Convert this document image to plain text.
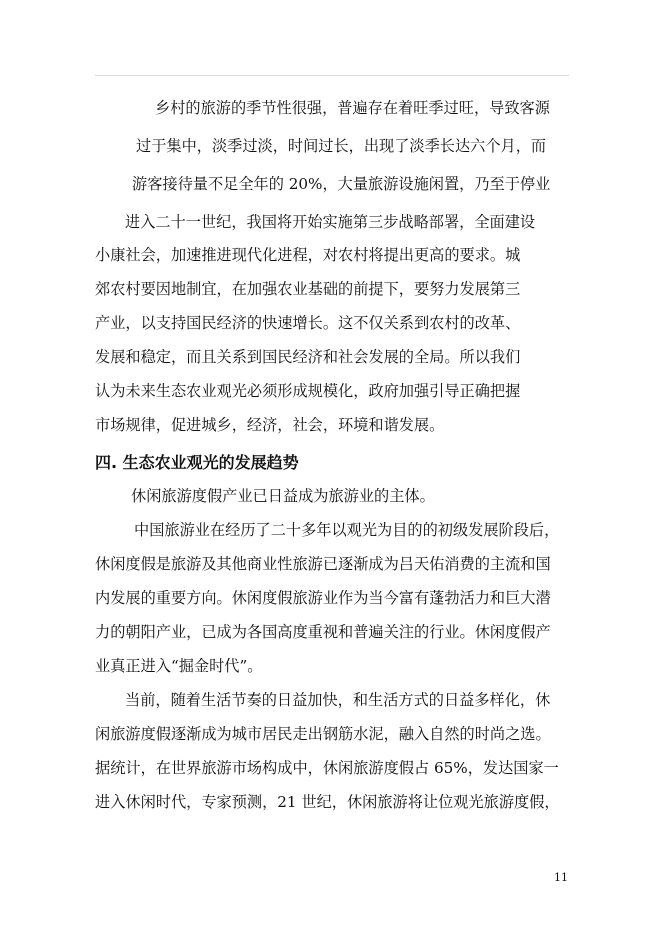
乡村的旅游的季节性很强，普遍存在着旺季过旺，导致客源
过于集中，淡季过淡，时间过长，出现了淡季长达六个月，而
游客接待量不足全年的 20%，大量旅游设施闲置，乃至于停业
进入二十一世纪，我国将开始实施第三步战略部署，全面建设
小康社会，加速推进现代化进程，对农村将提出更高的要求。城
郊农村要因地制宜，在加强农业基础的前提下，要努力发展第三
产业，以支持国民经济的快速增长。这不仅关系到农村的改革、
发展和稳定，而且关系到国民经济和社会发展的全局。所以我们
认为未来生态农业观光必须形成规模化，政府加强引导正确把握
市场规律，促进城乡，经济，社会，环境和谐发展。
四. 生态农业观光的发展趋势
休闲旅游度假产业已日益成为旅游业的主体。
中国旅游业在经历了二十多年以观光为目的的初级发展阶段后，
休闲度假是旅游及其他商业性旅游已逐渐成为吕天佑消费的主流和国
内发展的重要方向。休闲度假旅游业作为当今富有蓬勃活力和巨大潜
力的朝阳产业，已成为各国高度重视和普遍关注的行业。休闲度假产
业真正进入“掘金时代”。
当前，随着生活节奏的日益加快，和生活方式的日益多样化，休
闲旅游度假逐渐成为城市居民走出钢筋水泥，融入自然的时尚之选。
据统计，在世界旅游市场构成中，休闲旅游度假占 65%，发达国家一
进入休闲时代，专家预测，21 世纪，休闲旅游将让位观光旅游度假，
11
